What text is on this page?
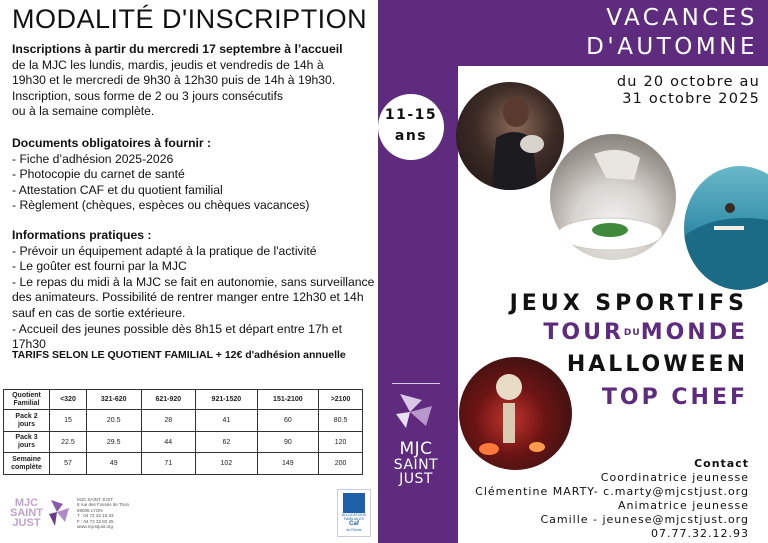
MODALITÉ D'INSCRIPTION
Inscriptions à partir du mercredi 17 septembre à l’accueil
de la MJC les lundis, mardis, jeudis et vendredis de 14h à
19h30 et le mercredi de 9h30 à 12h30 puis de 14h à 19h30.
Inscription, sous forme de 2 ou 3 jours consécutifs
ou à la semaine complète.
Documents obligatoires à fournir :
- Fiche d’adhésion 2025-2026
- Photocopie du carnet de santé
- Attestation CAF et du quotient familial
- Règlement (chèques, espèces ou chèques vacances)
Informations pratiques :
- Prévoir un équipement adapté à la pratique de l'activité
- Le goûter est fourni par la MJC
- Le repas du midi à la MJC se fait en autonomie, sans surveillance
des animateurs. Possibilité de rentrer manger entre 12h30 et 14h
sauf en cas de sortie extérieure.
- Accueil des jeunes possible dès 8h15 et départ entre 17h et 17h30
TARIFS SELON LE QUOTIENT FAMILIAL + 12€ d'adhésion annuelle
Quotient Familial	<320	321-620	621-920	921-1520	151-2100	>2100
Pack 2 jours	15	20.5	28	41	60	80.5
Pack 3 jours	22.5	29.5	44	62	90	120
Semaine complète	57	49	71	102	149	200
MJC
SAINT
JUST
MJC SAINT JUST
8 rue des Fossés de Trion
69005 LYON
T : 04 72 32 16 33
F : 04 72 32 82 25
www.mjcstjust.org
ALLOCATIONS FAMILIALES
Caf
du Rhône
VACANCES
D'AUTOMNE
du 20 octobre au
31 octobre 2025
11-15
ans
JEUX SPORTIFS
TOURDUMONDE
HALLOWEEN
TOP CHEF
MJC
SAINT
JUST
Contact
Coordinatrice jeunesse
Clémentine MARTY- c.marty@mjcstjust.org
Animatrice jeunesse
Camille - jeunese@mjcstjust.org
07.77.32.12.93
